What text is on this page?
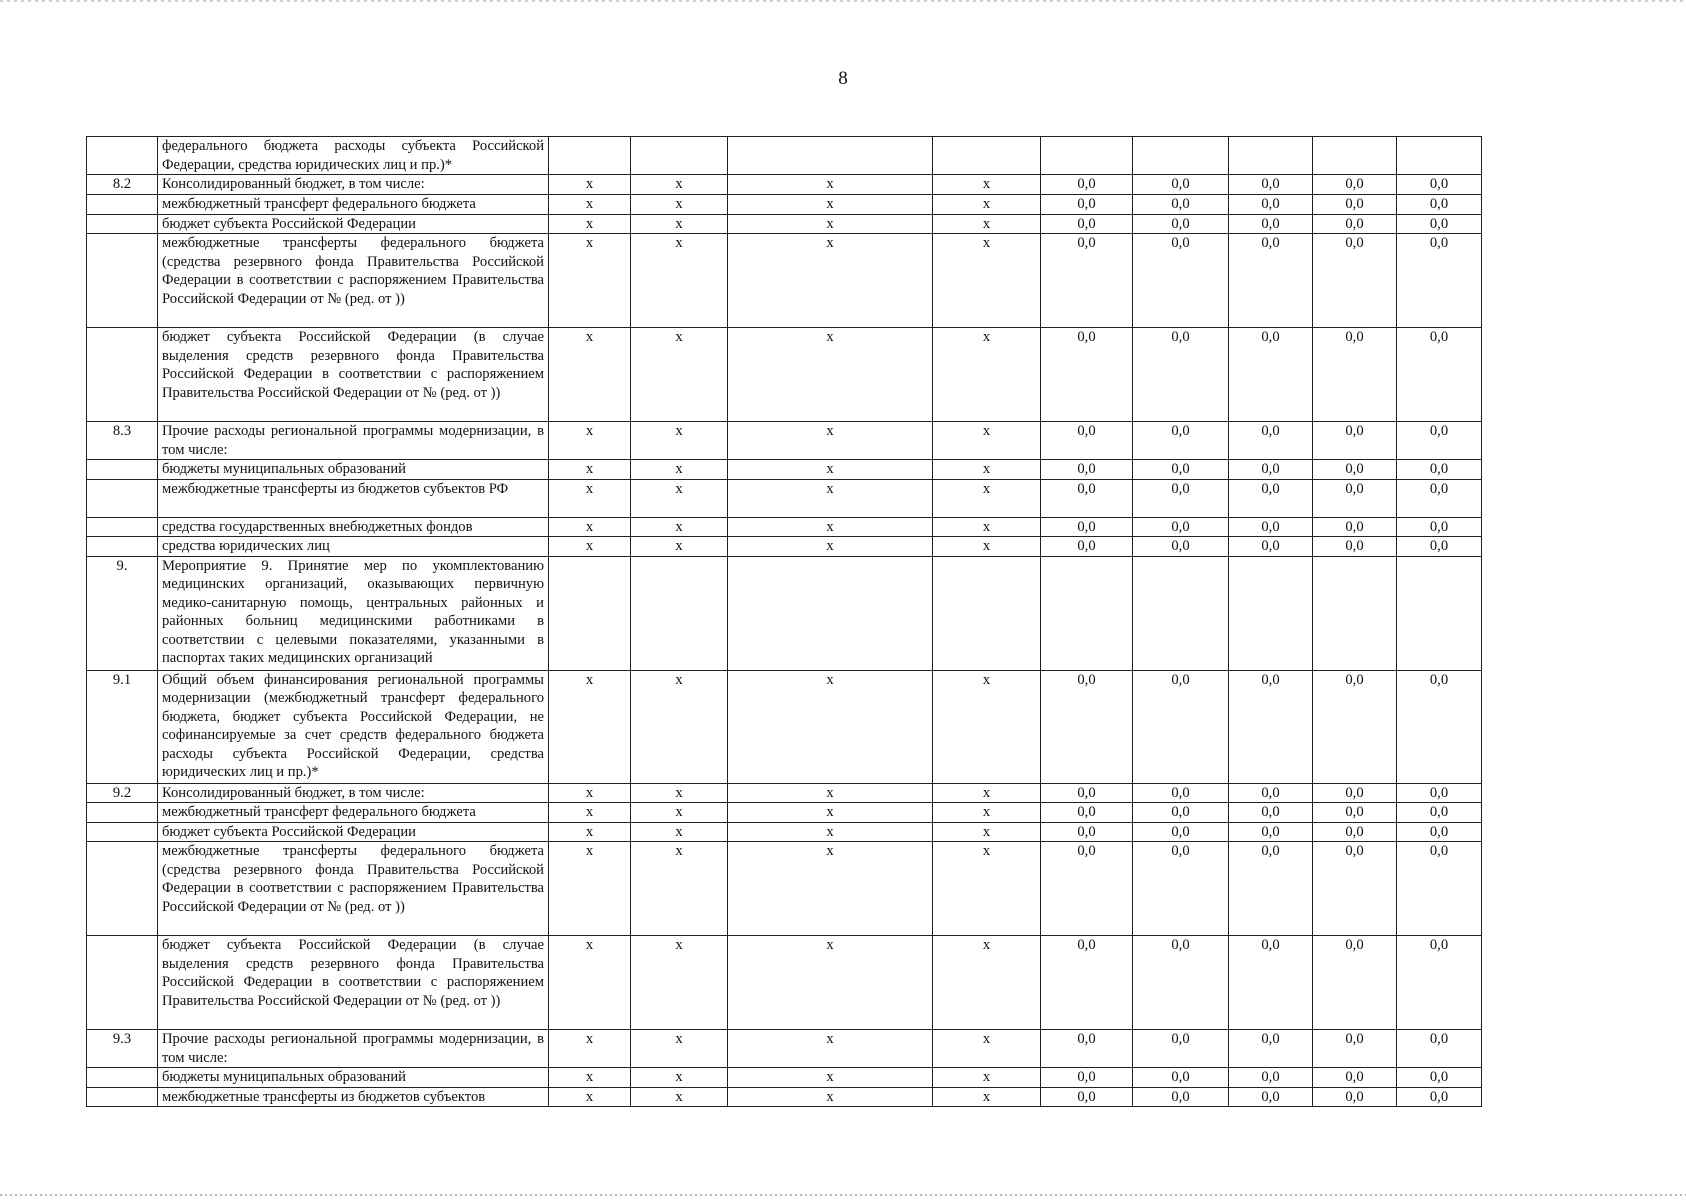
8
	федерального бюджета расходы субъекта Российской Федерации, средства юридических лиц и пр.)*										
8.2	Консолидированный бюджет, в том числе:	х	х	х	х	0,0	0,0	0,0	0,0	0,0	
	межбюджетный трансферт федерального бюджета	х	х	х	х	0,0	0,0	0,0	0,0	0,0	
	бюджет субъекта Российской Федерации	х	х	х	х	0,0	0,0	0,0	0,0	0,0	
	межбюджетные трансферты федерального бюджета (средства резервного фонда Правительства Российской Федерации в соответствии с распоряжением Правительства Российской Федерации от № (ред. от ))	х	х	х	х	0,0	0,0	0,0	0,0	0,0	
	бюджет субъекта Российской Федерации (в случае выделения средств резервного фонда Правительства Российской Федерации в соответствии с распоряжением Правительства Российской Федерации от № (ред. от ))	х	х	х	х	0,0	0,0	0,0	0,0	0,0	
8.3	Прочие расходы региональной программы модернизации, в том числе:	х	х	х	х	0,0	0,0	0,0	0,0	0,0	
	бюджеты муниципальных образований	х	х	х	х	0,0	0,0	0,0	0,0	0,0	
	межбюджетные трансферты из бюджетов субъектов РФ	х	х	х	х	0,0	0,0	0,0	0,0	0,0	
	средства государственных внебюджетных фондов	х	х	х	х	0,0	0,0	0,0	0,0	0,0	
	средства юридических лиц	х	х	х	х	0,0	0,0	0,0	0,0	0,0	
9.	Мероприятие 9. Принятие мер по укомплектованию медицинских организаций, оказывающих первичную медико-санитарную помощь, центральных районных и районных больниц медицинскими работниками в соответствии с целевыми показателями, указанными в паспортах таких медицинских организаций										
9.1	Общий объем финансирования региональной программы модернизации (межбюджетный трансферт федерального бюджета, бюджет субъекта Российской Федерации, не софинансируемые за счет средств федерального бюджета расходы субъекта Российской Федерации, средства юридических лиц и пр.)*	х	х	х	х	0,0	0,0	0,0	0,0	0,0	
9.2	Консолидированный бюджет, в том числе:	х	х	х	х	0,0	0,0	0,0	0,0	0,0	
	межбюджетный трансферт федерального бюджета	х	х	х	х	0,0	0,0	0,0	0,0	0,0	
	бюджет субъекта Российской Федерации	х	х	х	х	0,0	0,0	0,0	0,0	0,0	
	межбюджетные трансферты федерального бюджета (средства резервного фонда Правительства Российской Федерации в соответствии с распоряжением Правительства Российской Федерации от № (ред. от ))	х	х	х	х	0,0	0,0	0,0	0,0	0,0	
	бюджет субъекта Российской Федерации (в случае выделения средств резервного фонда Правительства Российской Федерации в соответствии с распоряжением Правительства Российской Федерации от № (ред. от ))	х	х	х	х	0,0	0,0	0,0	0,0	0,0	
9.3	Прочие расходы региональной программы модернизации, в том числе:	х	х	х	х	0,0	0,0	0,0	0,0	0,0	
	бюджеты муниципальных образований	х	х	х	х	0,0	0,0	0,0	0,0	0,0	
	межбюджетные трансферты из бюджетов субъектов	х	х	х	х	0,0	0,0	0,0	0,0	0,0	
